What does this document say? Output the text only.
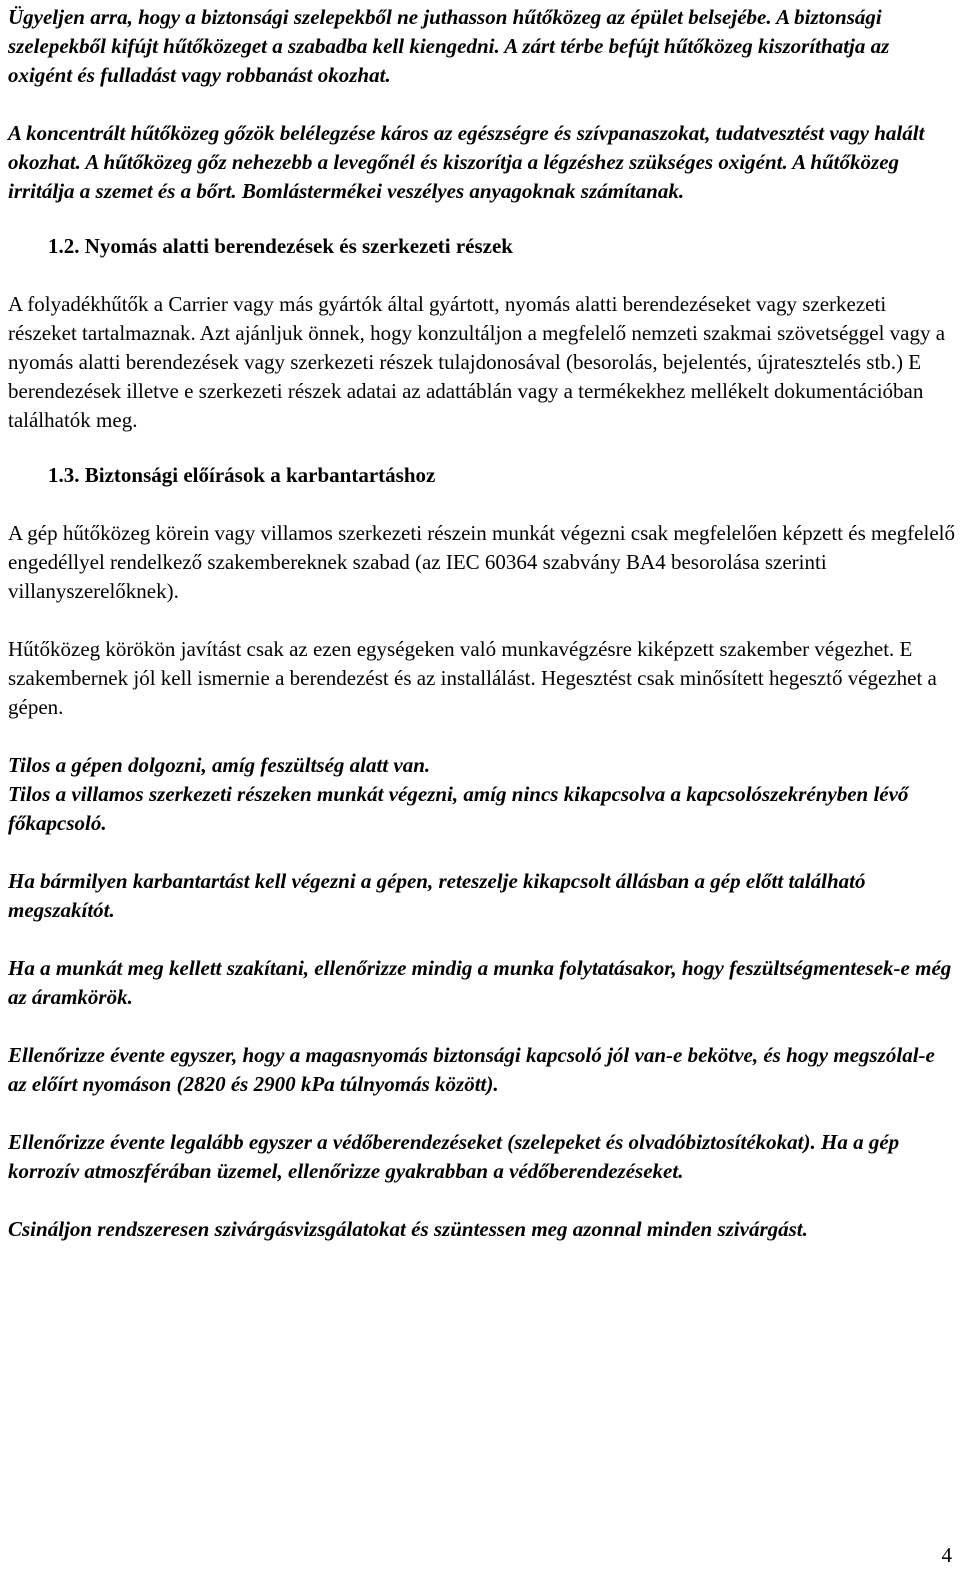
Ügyeljen arra, hogy a biztonsági szelepekből ne juthasson hűtőközeg az épület belsejébe. A biztonsági szelepekből kifújt hűtőközeget a szabadba kell kiengedni. A zárt térbe befújt hűtőközeg kiszoríthatja az oxigént és fulladást vagy robbanást okozhat.

A koncentrált hűtőközeg gőzök belélegzése káros az egészségre és szívpanaszokat, tudatvesztést vagy halált okozhat. A hűtőközeg gőz nehezebb a levegőnél és kiszorítja a légzéshez szükséges oxigént. A hűtőközeg irritálja a szemet és a bőrt. Bomlástermékei veszélyes anyagoknak számítanak.

1.2. Nyomás alatti berendezések és szerkezeti részek

A folyadékhűtők a Carrier vagy más gyártók által gyártott, nyomás alatti berendezéseket vagy szerkezeti részeket tartalmaznak. Azt ajánljuk önnek, hogy konzultáljon a megfelelő nemzeti szakmai szövetséggel vagy a nyomás alatti berendezések vagy szerkezeti részek tulajdonosával (besorolás, bejelentés, újratesztelés stb.) E berendezések illetve e szerkezeti részek adatai az adattáblán vagy a termékekhez mellékelt dokumentációban találhatók meg.

1.3. Biztonsági előírások a karbantartáshoz

A gép hűtőközeg körein vagy villamos szerkezeti részein munkát végezni csak megfelelően képzett és megfelelő engedéllyel rendelkező szakembereknek szabad (az IEC 60364 szabvány BA4 besorolása szerinti villanyszerelőknek).

Hűtőközeg körökön javítást csak az ezen egységeken való munkavégzésre kiképzett szakember végezhet. E szakembernek jól kell ismernie a berendezést és az installálást. Hegesztést csak minősített hegesztő végezhet a gépen.

Tilos a gépen dolgozni, amíg feszültség alatt van.

Tilos a villamos szerkezeti részeken munkát végezni, amíg nincs kikapcsolva a kapcsolószekrényben lévő főkapcsoló.

Ha bármilyen karbantartást kell végezni a gépen, reteszelje kikapcsolt állásban a gép előtt található megszakítót.

Ha a munkát meg kellett szakítani, ellenőrizze mindig a munka folytatásakor, hogy feszültségmentesek-e még az áramkörök.

Ellenőrizze évente egyszer, hogy a magasnyomás biztonsági kapcsoló jól van-e bekötve, és hogy megszólal-e az előírt nyomáson (2820 és 2900 kPa túlnyomás között).

Ellenőrizze évente legalább egyszer a védőberendezéseket (szelepeket és olvadóbiztosítékokat). Ha a gép korrozív atmoszférában üzemel, ellenőrizze gyakrabban a védőberendezéseket.

Csináljon rendszeresen szivárgásvizsgálatokat és szüntessen meg azonnal minden szivárgást.

4
